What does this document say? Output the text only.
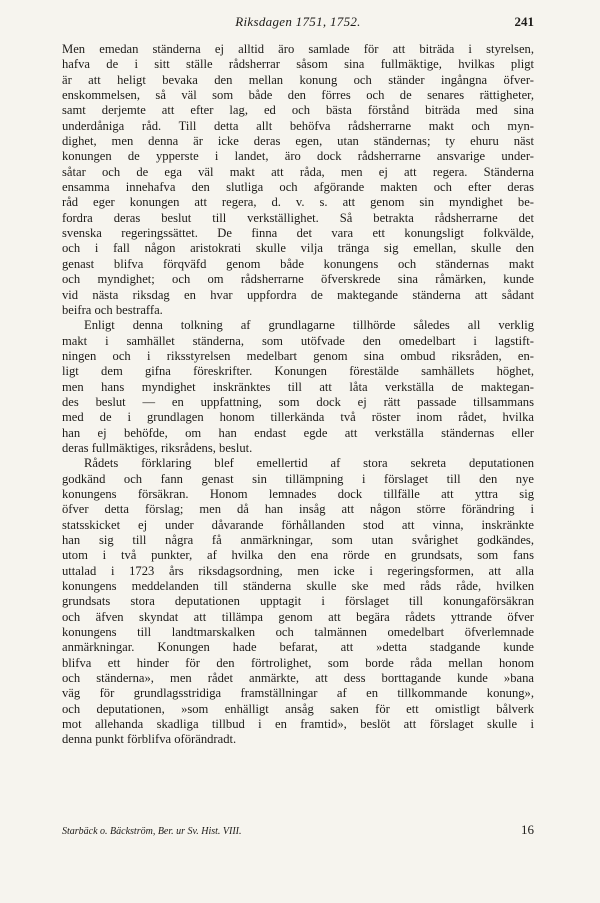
Riksdagen 1751, 1752.	241
Men emedan ständerna ej alltid äro samlade för att biträda i styrelsen,
hafva de i sitt ställe rådsherrar såsom sina fullmäktige, hvilkas pligt
är att heligt bevaka den mellan konung och ständer ingångna öfver-
enskommelsen, så väl som både den förres och de senares rättigheter,
samt derjemte att efter lag, ed och bästa förstånd biträda med sina
underdåniga råd. Till detta allt behöfva rådsherrarne makt och myn-
dighet, men denna är icke deras egen, utan ständernas; ty ehuru näst
konungen de ypperste i landet, äro dock rådsherrarne ansvarige under-
såtar och de ega väl makt att råda, men ej att regera. Ständerna
ensamma innehafva den slutliga och afgörande makten och efter deras
råd eger konungen att regera, d. v. s. att genom sin myndighet be-
fordra deras beslut till verkställighet. Så betrakta rådsherrarne det
svenska regeringssättet. De finna det vara ett konungsligt folkvälde,
och i fall någon aristokrati skulle vilja tränga sig emellan, skulle den
genast blifva förqväfd genom både konungens och ständernas makt
och myndighet; och om rådsherrarne öfverskrede sina råmärken, kunde
vid nästa riksdag en hvar uppfordra de maktegande ständerna att sådant
beifra och bestraffa.
Enligt denna tolkning af grundlagarne tillhörde således all verklig
makt i samhället ständerna, som utöfvade den omedelbart i lagstift-
ningen och i riksstyrelsen medelbart genom sina ombud riksråden, en-
ligt dem gifna föreskrifter. Konungen förestälde samhällets höghet,
men hans myndighet inskränktes till att låta verkställa de maktegan-
des beslut — en uppfattning, som dock ej rätt passade tillsammans
med de i grundlagen honom tillerkända två röster inom rådet, hvilka
han ej behöfde, om han endast egde att verkställa ständernas eller
deras fullmäktiges, riksrådens, beslut.
Rådets förklaring blef emellertid af stora sekreta deputationen
godkänd och fann genast sin tillämpning i förslaget till den nye
konungens försäkran. Honom lemnades dock tillfälle att yttra sig
öfver detta förslag; men då han insåg att någon större förändring i
statsskicket ej under dåvarande förhållanden stod att vinna, inskränkte
han sig till några få anmärkningar, som utan svårighet godkändes,
utom i två punkter, af hvilka den ena rörde en grundsats, som fans
uttalad i 1723 års riksdagsordning, men icke i regeringsformen, att alla
konungens meddelanden till ständerna skulle ske med råds råde, hvilken
grundsats stora deputationen upptagit i förslaget till konungaförsäkran
och äfven skyndat att tillämpa genom att begära rådets yttrande öfver
konungens till landtmarskalken och talmännen omedelbart öfverlemnade
anmärkningar. Konungen hade befarat, att »detta stadgande kunde
blifva ett hinder för den förtrolighet, som borde råda mellan honom
och ständerna», men rådet anmärkte, att dess borttagande kunde »bana
väg för grundlagsstridiga framställningar af en tillkommande konung»,
och deputationen, »som enhälligt ansåg saken för ett omistligt bålverk
mot allehanda skadliga tillbud i en framtid», beslöt att förslaget skulle i
denna punkt förblifva oförändradt.
Starbäck o. Bäckström, Ber. ur Sv. Hist. VIII.	16
